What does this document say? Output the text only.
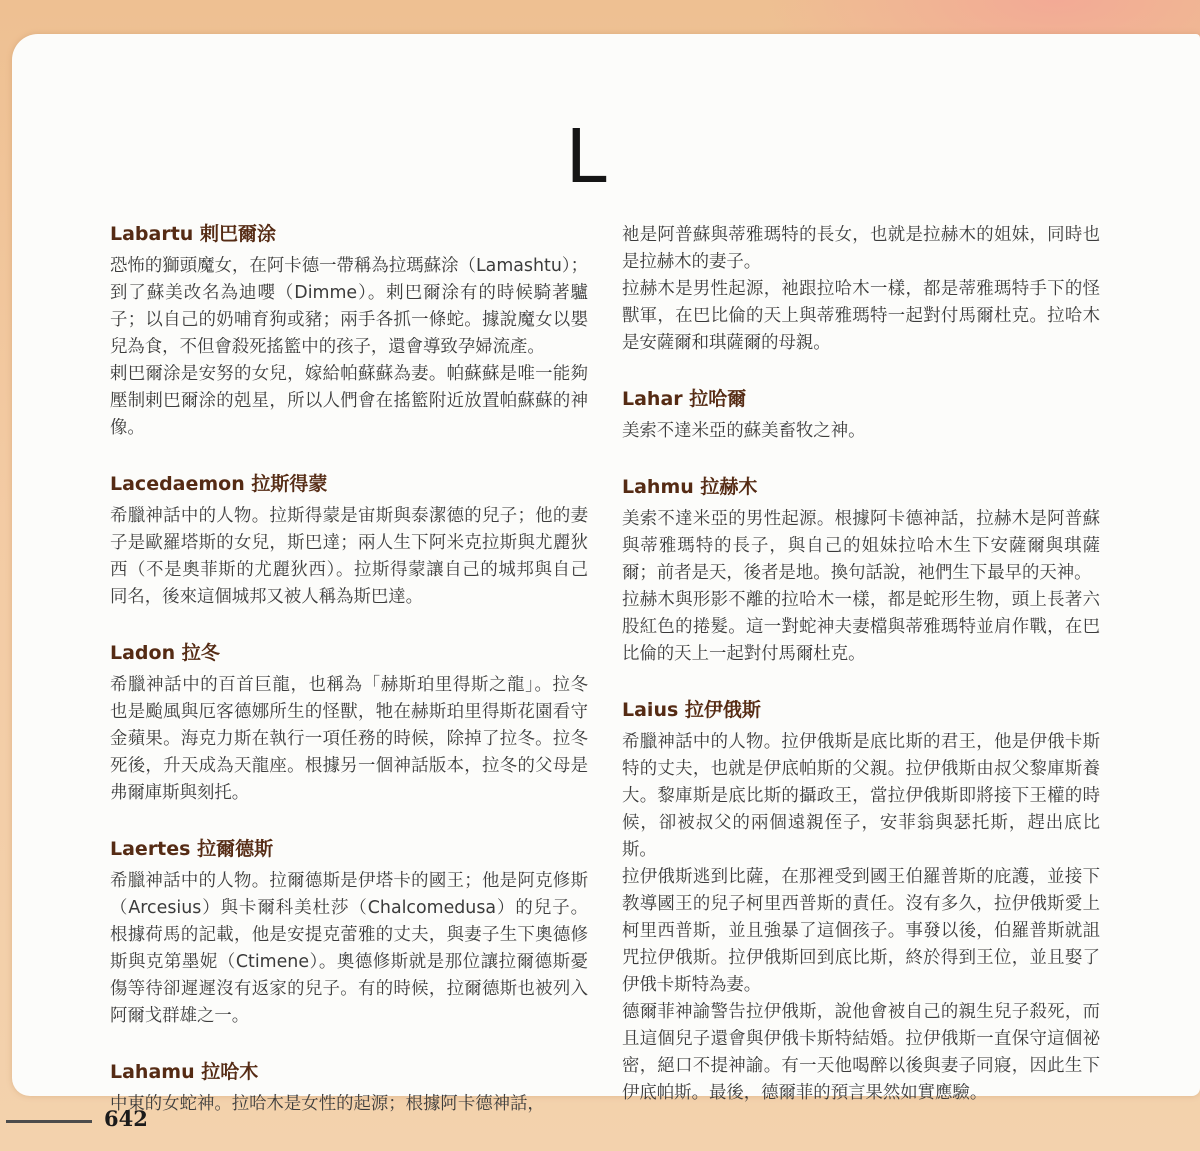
L
Labartu 剌巴爾涂

恐怖的獅頭魔女，在阿卡德一帶稱為拉瑪蘇涂（Lamashtu）；到了蘇美改名為迪嚶（Dimme）。剌巴爾涂有的時候騎著驢子；以自己的奶哺育狗或豬；兩手各抓一條蛇。據說魔女以嬰兒為食，不但會殺死搖籃中的孩子，還會導致孕婦流產。

剌巴爾涂是安努的女兒，嫁給帕蘇蘇為妻。帕蘇蘇是唯一能夠壓制剌巴爾涂的剋星，所以人們會在搖籃附近放置帕蘇蘇的神像。

Lacedaemon 拉斯得蒙

希臘神話中的人物。拉斯得蒙是宙斯與泰潔德的兒子；他的妻子是歐羅塔斯的女兒，斯巴達；兩人生下阿米克拉斯與尤麗狄西（不是奧菲斯的尤麗狄西）。拉斯得蒙讓自己的城邦與自己同名，後來這個城邦又被人稱為斯巴達。

Ladon 拉冬

希臘神話中的百首巨龍，也稱為「赫斯珀里得斯之龍」。拉冬也是颱風與厄客德娜所生的怪獸，牠在赫斯珀里得斯花園看守金蘋果。海克力斯在執行一項任務的時候，除掉了拉冬。拉冬死後，升天成為天龍座。根據另一個神話版本，拉冬的父母是弗爾庫斯與刻托。

Laertes 拉爾德斯

希臘神話中的人物。拉爾德斯是伊塔卡的國王；他是阿克修斯（Arcesius）與卡爾科美杜莎（Chalcomedusa）的兒子。根據荷馬的記載，他是安提克蕾雅的丈夫，與妻子生下奧德修斯與克第墨妮（Ctimene）。奧德修斯就是那位讓拉爾德斯憂傷等待卻遲遲沒有返家的兒子。有的時候，拉爾德斯也被列入阿爾戈群雄之一。

Lahamu 拉哈木

中東的女蛇神。拉哈木是女性的起源；根據阿卡德神話，

祂是阿普蘇與蒂雅瑪特的長女，也就是拉赫木的姐妹，同時也是拉赫木的妻子。

拉赫木是男性起源，祂跟拉哈木一樣，都是蒂雅瑪特手下的怪獸軍，在巴比倫的天上與蒂雅瑪特一起對付馬爾杜克。拉哈木是安薩爾和琪薩爾的母親。

Lahar 拉哈爾

美索不達米亞的蘇美畜牧之神。

Lahmu 拉赫木

美索不達米亞的男性起源。根據阿卡德神話，拉赫木是阿普蘇與蒂雅瑪特的長子，與自己的姐妹拉哈木生下安薩爾與琪薩爾；前者是天，後者是地。換句話說，祂們生下最早的天神。

拉赫木與形影不離的拉哈木一樣，都是蛇形生物，頭上長著六股紅色的捲髮。這一對蛇神夫妻檔與蒂雅瑪特並肩作戰，在巴比倫的天上一起對付馬爾杜克。

Laius 拉伊俄斯

希臘神話中的人物。拉伊俄斯是底比斯的君王，他是伊俄卡斯特的丈夫，也就是伊底帕斯的父親。拉伊俄斯由叔父黎庫斯養大。黎庫斯是底比斯的攝政王，當拉伊俄斯即將接下王權的時候，卻被叔父的兩個遠親侄子，安菲翁與瑟托斯，趕出底比斯。

拉伊俄斯逃到比薩，在那裡受到國王伯羅普斯的庇護，並接下教導國王的兒子柯里西普斯的責任。沒有多久，拉伊俄斯愛上柯里西普斯，並且強暴了這個孩子。事發以後，伯羅普斯就詛咒拉伊俄斯。拉伊俄斯回到底比斯，終於得到王位，並且娶了伊俄卡斯特為妻。

德爾菲神諭警告拉伊俄斯，說他會被自己的親生兒子殺死，而且這個兒子還會與伊俄卡斯特結婚。拉伊俄斯一直保守這個祕密，絕口不提神諭。有一天他喝醉以後與妻子同寢，因此生下伊底帕斯。最後，德爾菲的預言果然如實應驗。

642
